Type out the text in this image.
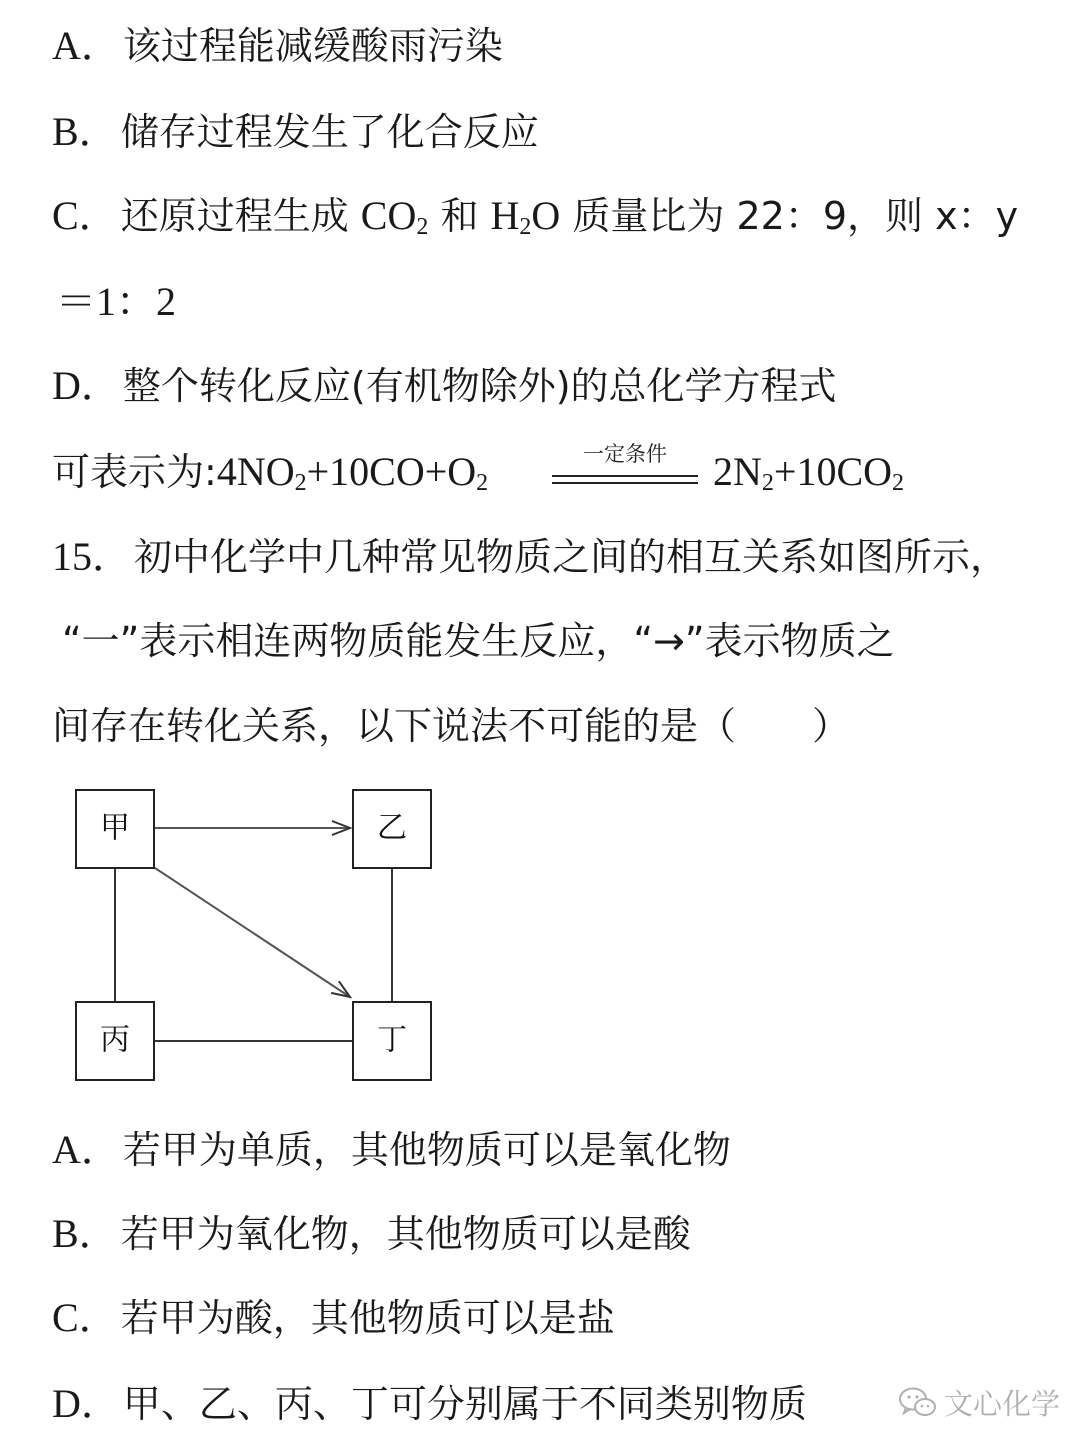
A．该过程能减缓酸雨污染
B．储存过程发生了化合反应
C．还原过程生成 $CO_2$ 和 $H_2O$ 质量比为 22：9，则 x：y
＝1：2
D．整个转化反应(有机物除外)的总化学方程式
可表示为$:4NO_2+10CO+O_2$
一定条件	$2N_2+10CO_2$
15．初中化学中几种常见物质之间的相互关系如图所示，
“一”表示相连两物质能发生反应，“→”表示物质之
间存在转化关系，以下说法不可能的是（　　）
甲	乙
丙	丁
A．若甲为单质，其他物质可以是氧化物
B．若甲为氧化物，其他物质可以是酸
C．若甲为酸，其他物质可以是盐
D．甲、乙、丙、丁可分别属于不同类别物质	文心化学
